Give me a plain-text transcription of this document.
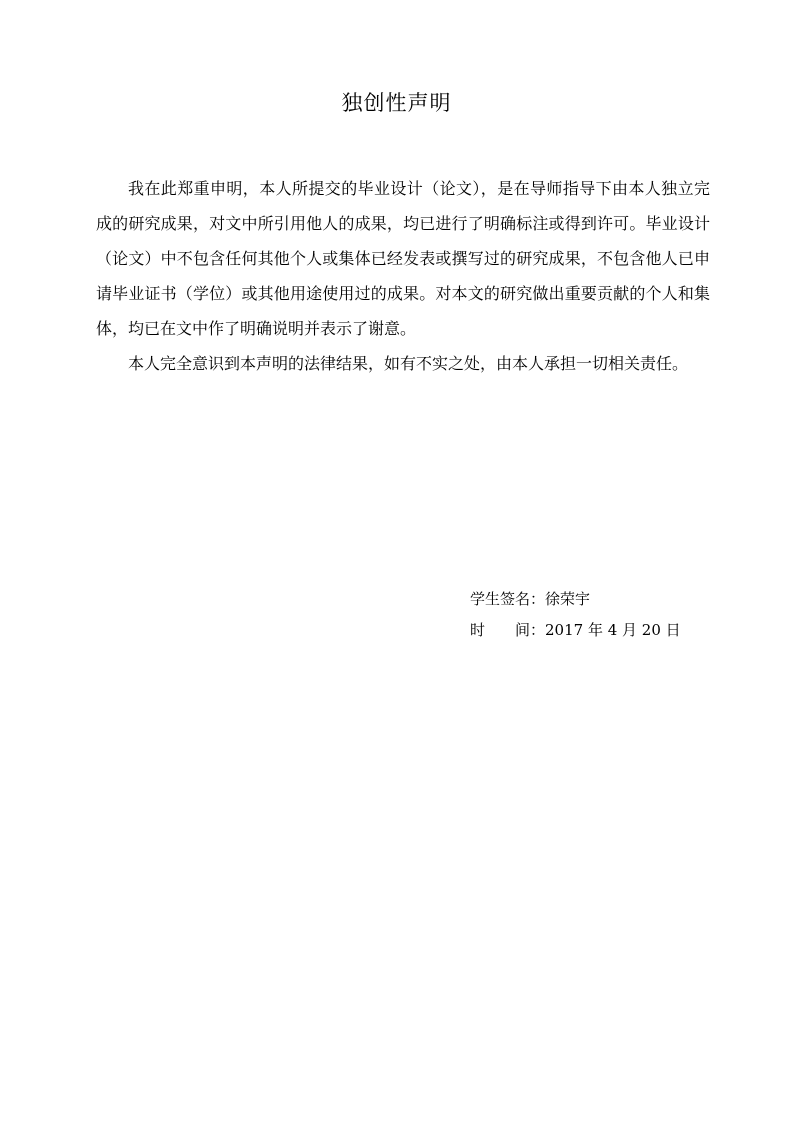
独创性声明

我在此郑重申明，本人所提交的毕业设计（论文），是在导师指导下由本人独立完成的研究成果，对文中所引用他人的成果，均已进行了明确标注或得到许可。毕业设计（论文）中不包含任何其他个人或集体已经发表或撰写过的研究成果，不包含他人已申请毕业证书（学位）或其他用途使用过的成果。对本文的研究做出重要贡献的个人和集体，均已在文中作了明确说明并表示了谢意。

本人完全意识到本声明的法律结果，如有不实之处，由本人承担一切相关责任。

学生签名：徐荣宇
时　　间：2017 年 4 月 20 日
